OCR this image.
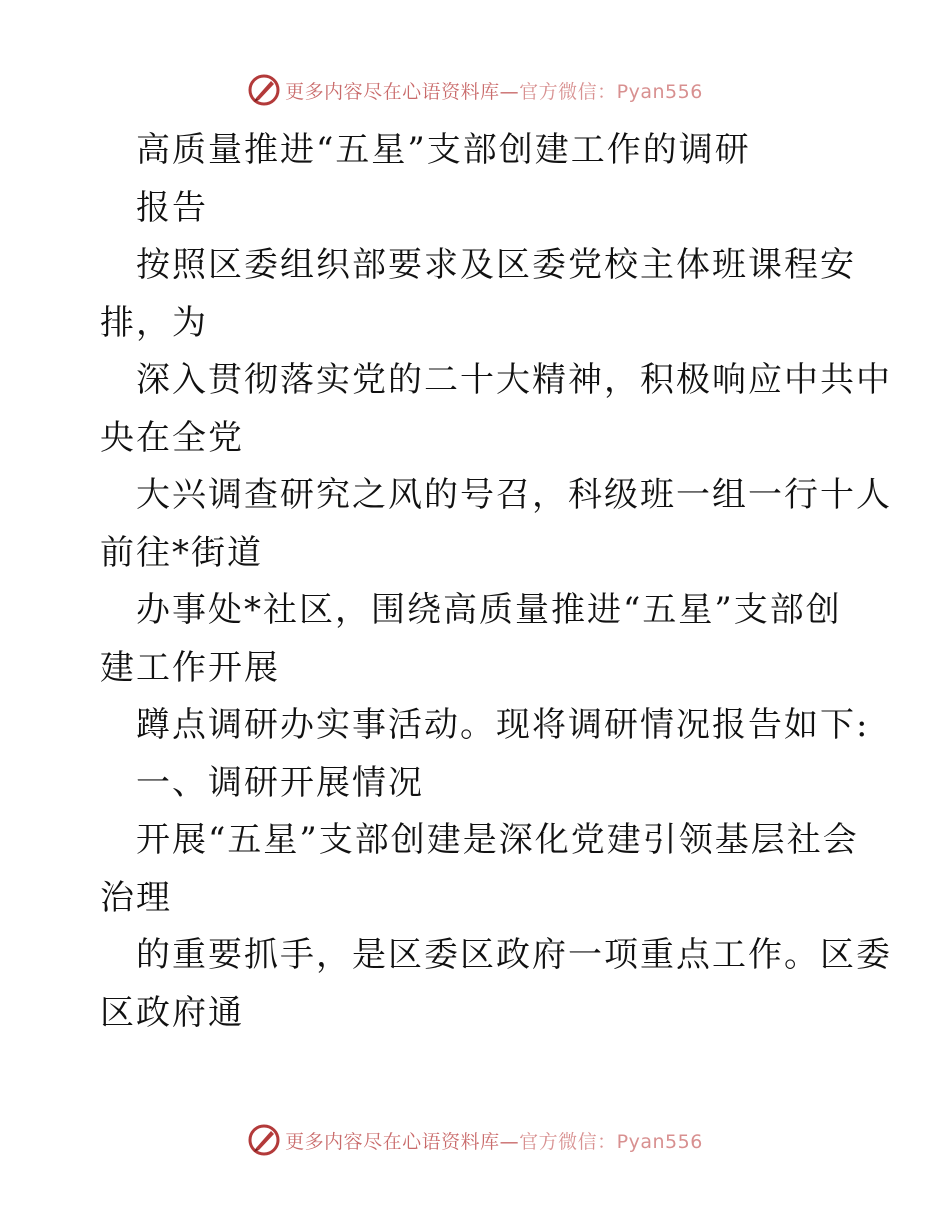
更多内容尽在心语资料库—官方微信：Pyan556
高质量推进“五星”支部创建工作的调研
报告
按照区委组织部要求及区委党校主体班课程安
排，为
深入贯彻落实党的二十大精神，积极响应中共中
央在全党
大兴调查研究之风的号召，科级班一组一行十人
前往*街道
办事处*社区，围绕高质量推进“五星”支部创
建工作开展
蹲点调研办实事活动。现将调研情况报告如下:
一、调研开展情况
开展“五星”支部创建是深化党建引领基层社会
治理
的重要抓手，是区委区政府一项重点工作。区委
区政府通
更多内容尽在心语资料库—官方微信：Pyan556
